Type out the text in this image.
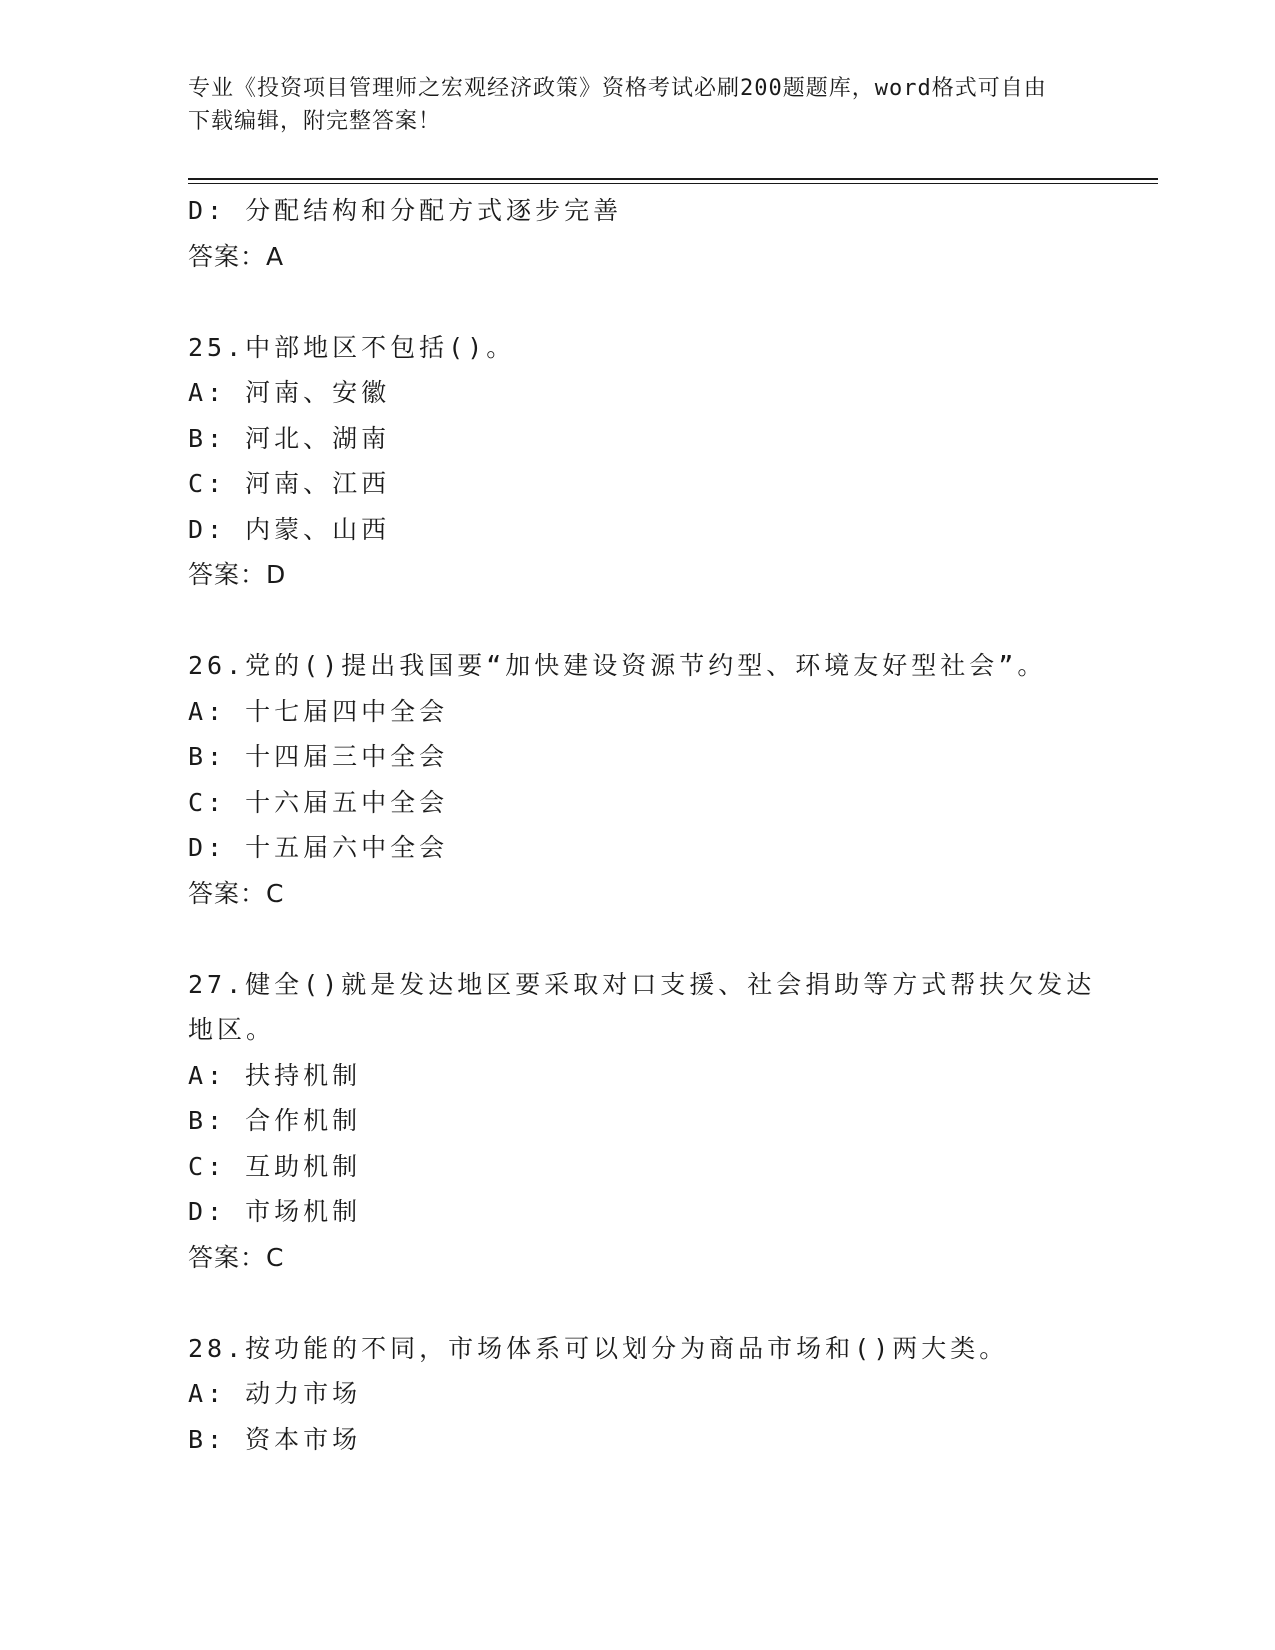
专业《投资项目管理师之宏观经济政策》资格考试必刷200题题库，word格式可自由下载编辑，附完整答案！
D: 分配结构和分配方式逐步完善
答案：A
25.中部地区不包括()。
A: 河南、安徽
B: 河北、湖南
C: 河南、江西
D: 内蒙、山西
答案：D
26.党的()提出我国要“加快建设资源节约型、环境友好型社会”。
A: 十七届四中全会
B: 十四届三中全会
C: 十六届五中全会
D: 十五届六中全会
答案：C
27.健全()就是发达地区要采取对口支援、社会捐助等方式帮扶欠发达
地区。
A: 扶持机制
B: 合作机制
C: 互助机制
D: 市场机制
答案：C
28.按功能的不同，市场体系可以划分为商品市场和()两大类。
A: 动力市场
B: 资本市场
